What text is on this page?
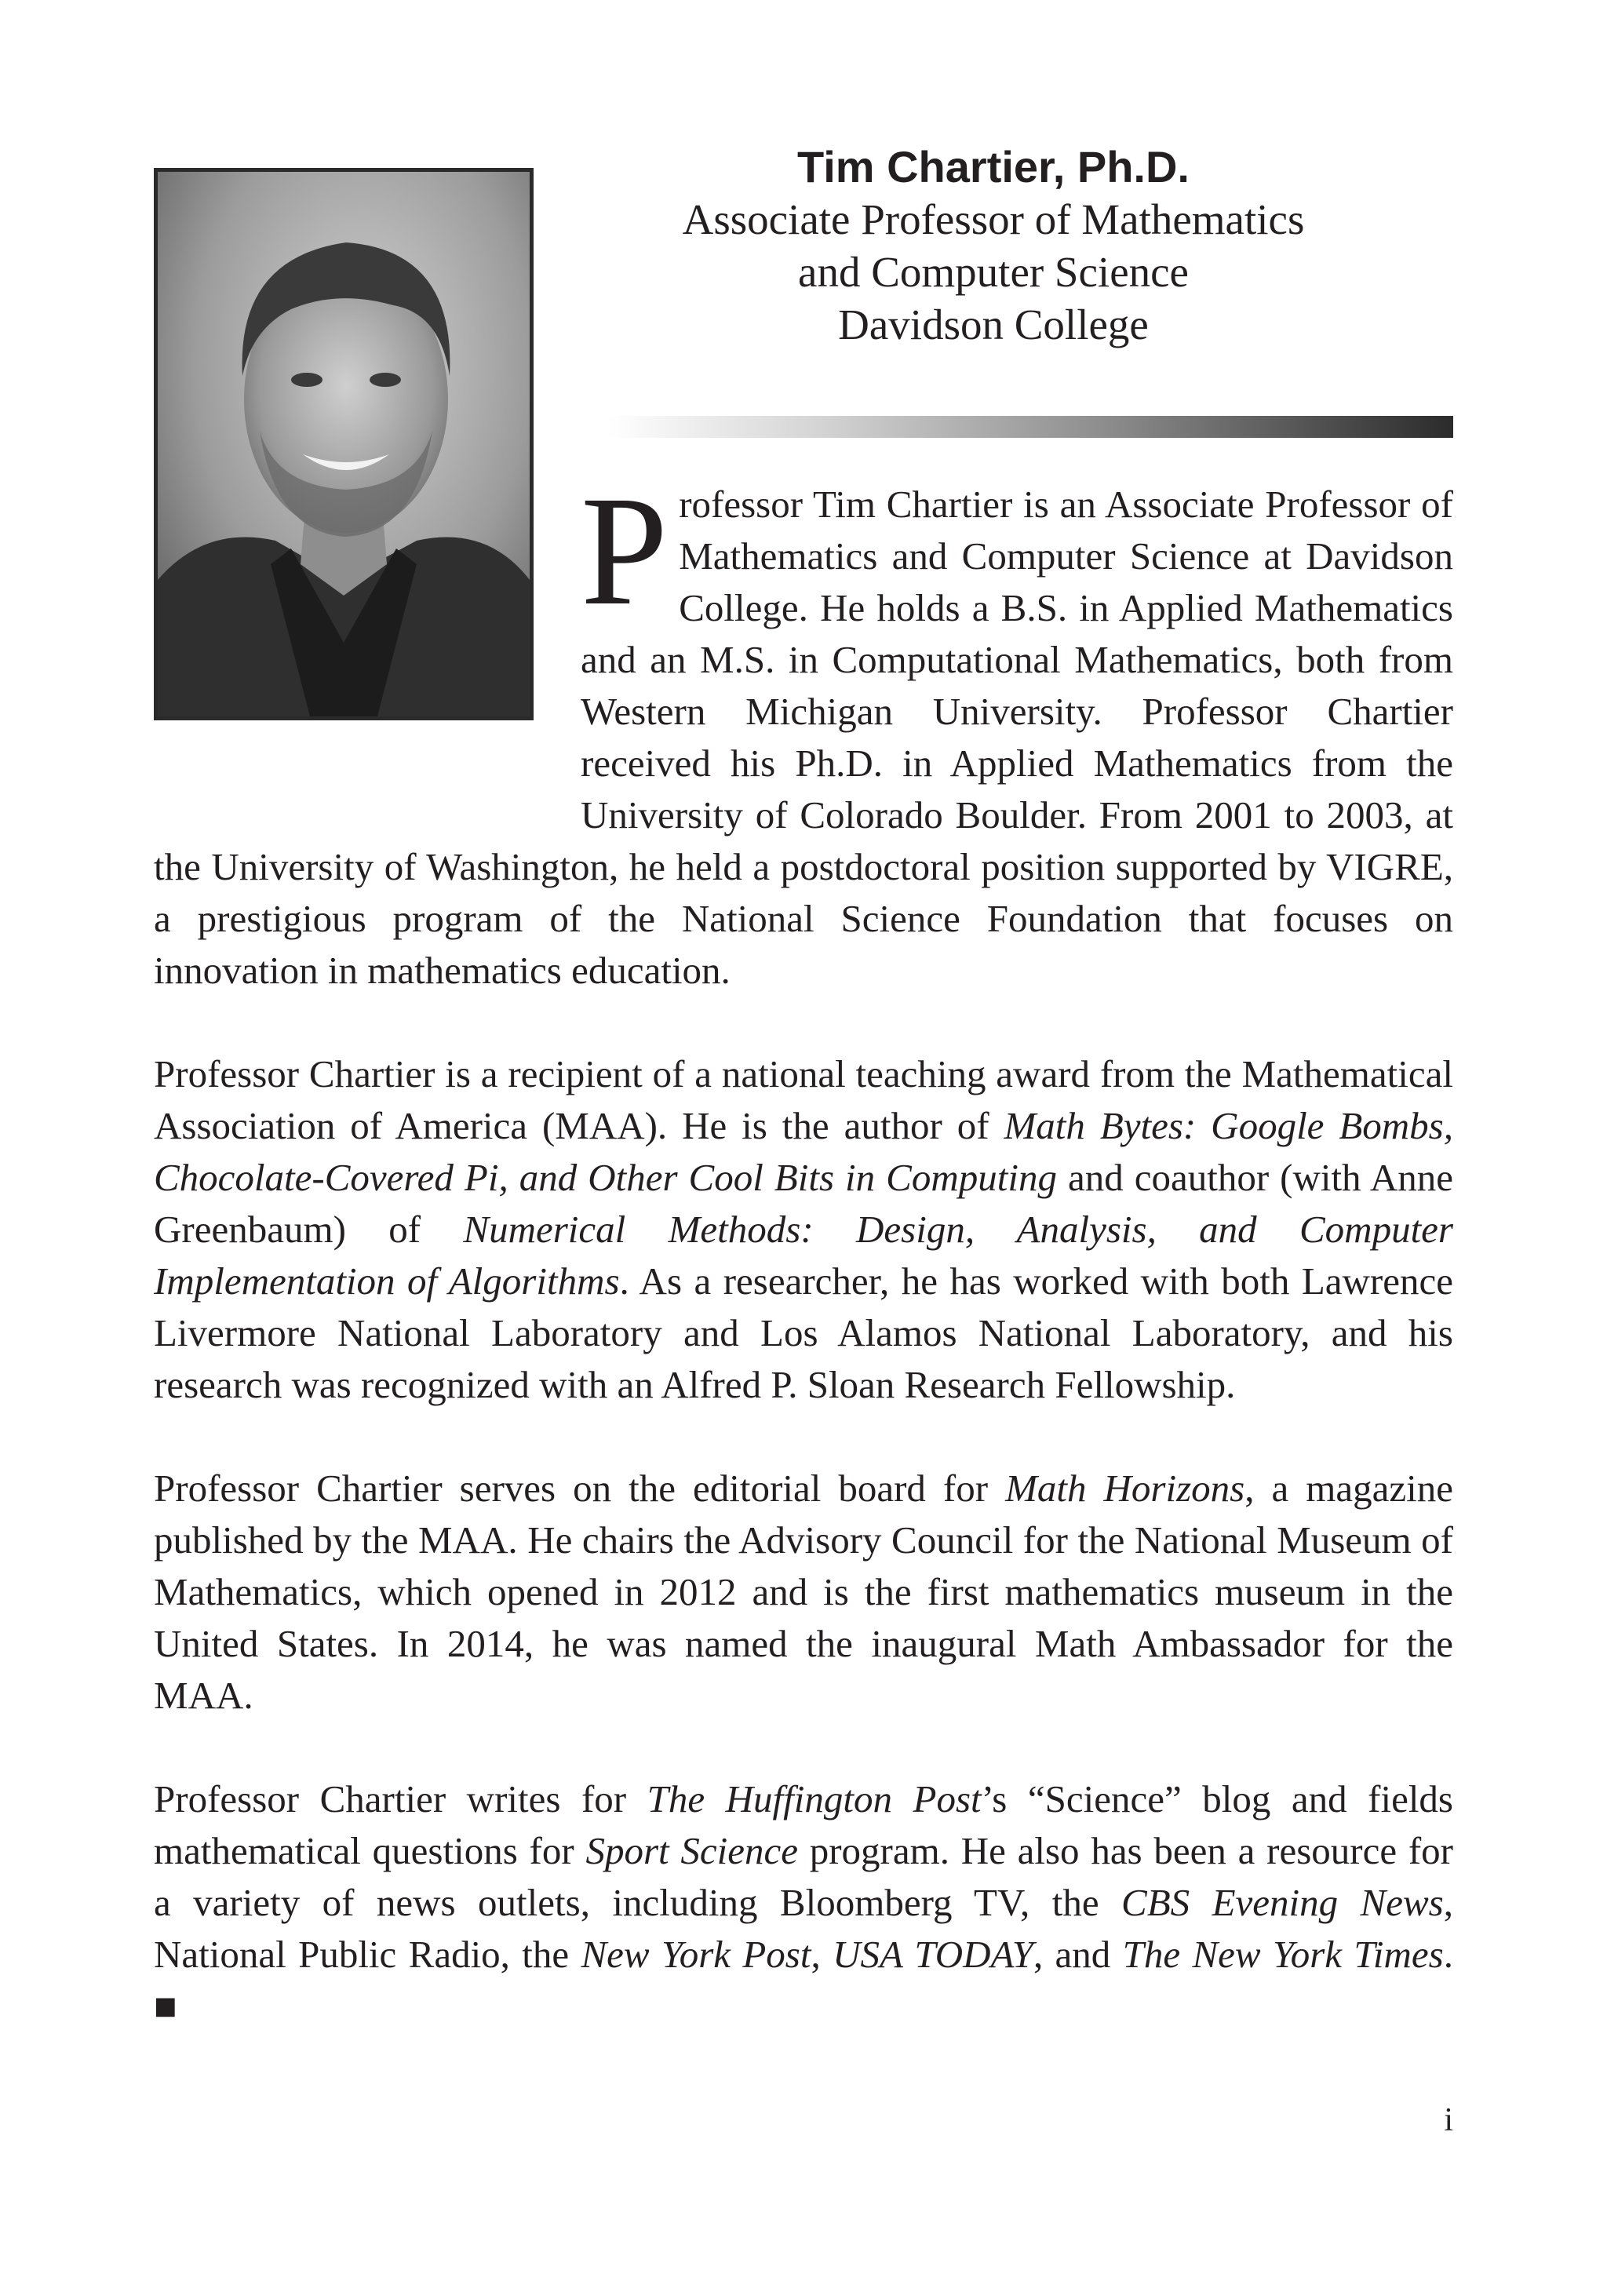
Tim Chartier, Ph.D.

Associate Professor of Mathematics

and Computer Science

Davidson College

Professor Tim Chartier is an Associate Professor of Mathematics and Computer Science at Davidson College. He holds a B.S. in Applied Mathematics and an M.S. in Computational Mathematics, both from Western Michigan University. Professor Chartier received his Ph.D. in Applied Mathematics from the University of Colorado Boulder. From 2001 to 2003, at the University of Washington, he held a postdoctoral position supported by VIGRE, a prestigious program of the National Science Foundation that focuses on innovation in mathematics education.

Professor Chartier is a recipient of a national teaching award from the Mathematical Association of America (MAA). He is the author of Math Bytes: Google Bombs, Chocolate-Covered Pi, and Other Cool Bits in Computing and coauthor (with Anne Greenbaum) of Numerical Methods: Design, Analysis, and Computer Implementation of Algorithms. As a researcher, he has worked with both Lawrence Livermore National Laboratory and Los Alamos National Laboratory, and his research was recognized with an Alfred P. Sloan Research Fellowship.

Professor Chartier serves on the editorial board for Math Horizons, a magazine published by the MAA. He chairs the Advisory Council for the National Museum of Mathematics, which opened in 2012 and is the first mathematics museum in the United States. In 2014, he was named the inaugural Math Ambassador for the MAA.

Professor Chartier writes for The Huffington Post’s “Science” blog and fields mathematical questions for Sport Science program. He also has been a resource for a variety of news outlets, including Bloomberg TV, the CBS Evening News, National Public Radio, the New York Post, USA TODAY, and The New York Times. ■

i
